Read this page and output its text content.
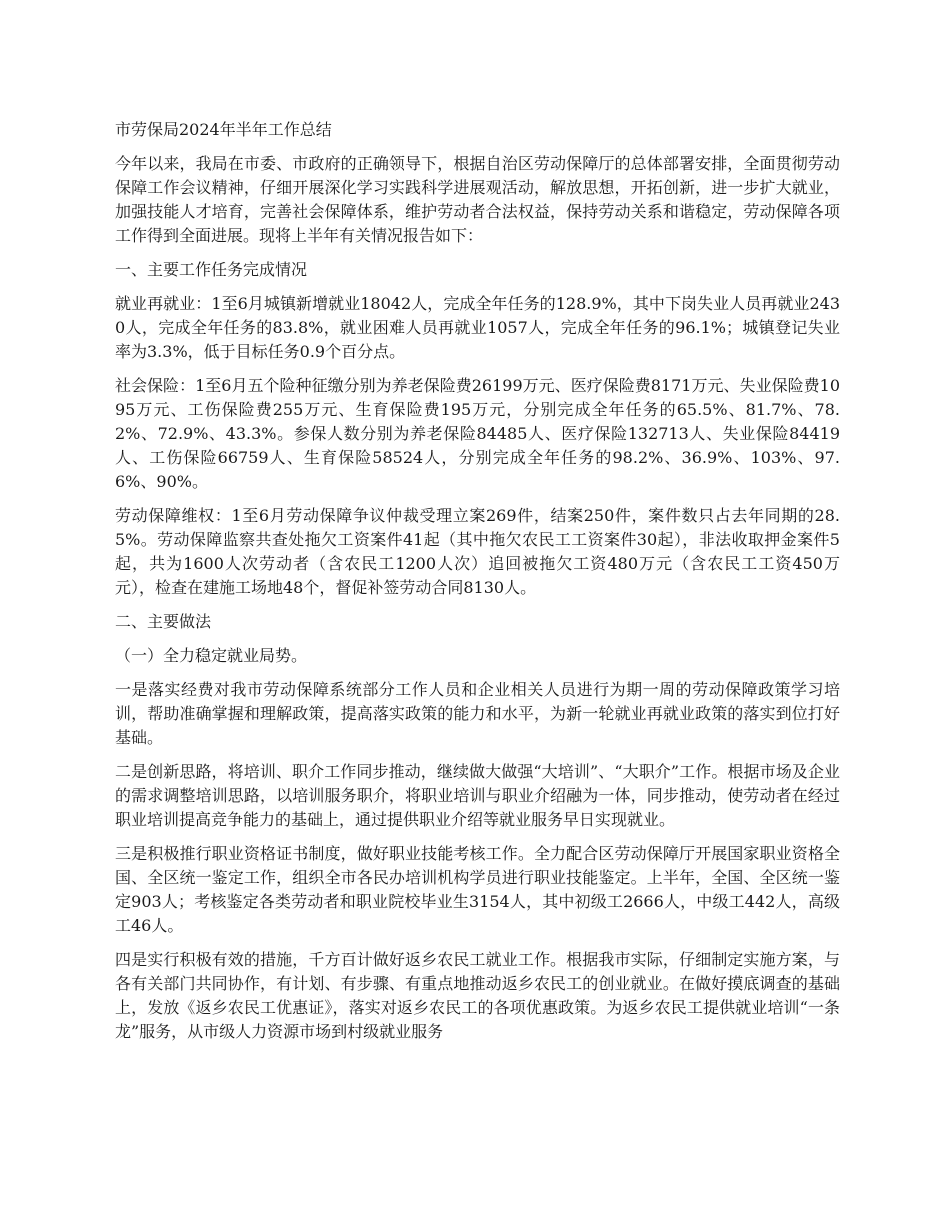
市劳保局2024年半年工作总结

今年以来，我局在市委、市政府的正确领导下，根据自治区劳动保障厅的总体部署安排，全面贯彻劳动保障工作会议精神，仔细开展深化学习实践科学进展观活动，解放思想，开拓创新，进一步扩大就业，加强技能人才培育，完善社会保障体系，维护劳动者合法权益，保持劳动关系和谐稳定，劳动保障各项工作得到全面进展。现将上半年有关情况报告如下：

一、主要工作任务完成情况

就业再就业：1至6月城镇新增就业18042人，完成全年任务的128.9%，其中下岗失业人员再就业2430人，完成全年任务的83.8%，就业困难人员再就业1057人，完成全年任务的96.1%；城镇登记失业率为3.3%，低于目标任务0.9个百分点。

社会保险：1至6月五个险种征缴分别为养老保险费26199万元、医疗保险费8171万元、失业保险费1095万元、工伤保险费255万元、生育保险费195万元，分别完成全年任务的65.5%、81.7%、78.2%、72.9%、43.3%。参保人数分别为养老保险84485人、医疗保险132713人、失业保险84419人、工伤保险66759人、生育保险58524人，分别完成全年任务的98.2%、36.9%、103%、97.6%、90%。

劳动保障维权：1至6月劳动保障争议仲裁受理立案269件，结案250件，案件数只占去年同期的28.5%。劳动保障监察共查处拖欠工资案件41起（其中拖欠农民工工资案件30起），非法收取押金案件5起，共为1600人次劳动者（含农民工1200人次）追回被拖欠工资480万元（含农民工工资450万元），检查在建施工场地48个，督促补签劳动合同8130人。

二、主要做法

（一）全力稳定就业局势。

一是落实经费对我市劳动保障系统部分工作人员和企业相关人员进行为期一周的劳动保障政策学习培训，帮助准确掌握和理解政策，提高落实政策的能力和水平，为新一轮就业再就业政策的落实到位打好基础。

二是创新思路，将培训、职介工作同步推动，继续做大做强“大培训”、“大职介”工作。根据市场及企业的需求调整培训思路，以培训服务职介，将职业培训与职业介绍融为一体，同步推动，使劳动者在经过职业培训提高竞争能力的基础上，通过提供职业介绍等就业服务早日实现就业。

三是积极推行职业资格证书制度，做好职业技能考核工作。全力配合区劳动保障厅开展国家职业资格全国、全区统一鉴定工作，组织全市各民办培训机构学员进行职业技能鉴定。上半年，全国、全区统一鉴定903人；考核鉴定各类劳动者和职业院校毕业生3154人，其中初级工2666人，中级工442人，高级工46人。

四是实行积极有效的措施，千方百计做好返乡农民工就业工作。根据我市实际，仔细制定实施方案，与各有关部门共同协作，有计划、有步骤、有重点地推动返乡农民工的创业就业。在做好摸底调查的基础上，发放《返乡农民工优惠证》，落实对返乡农民工的各项优惠政策。为返乡农民工提供就业培训“一条龙”服务，从市级人力资源市场到村级就业服务
